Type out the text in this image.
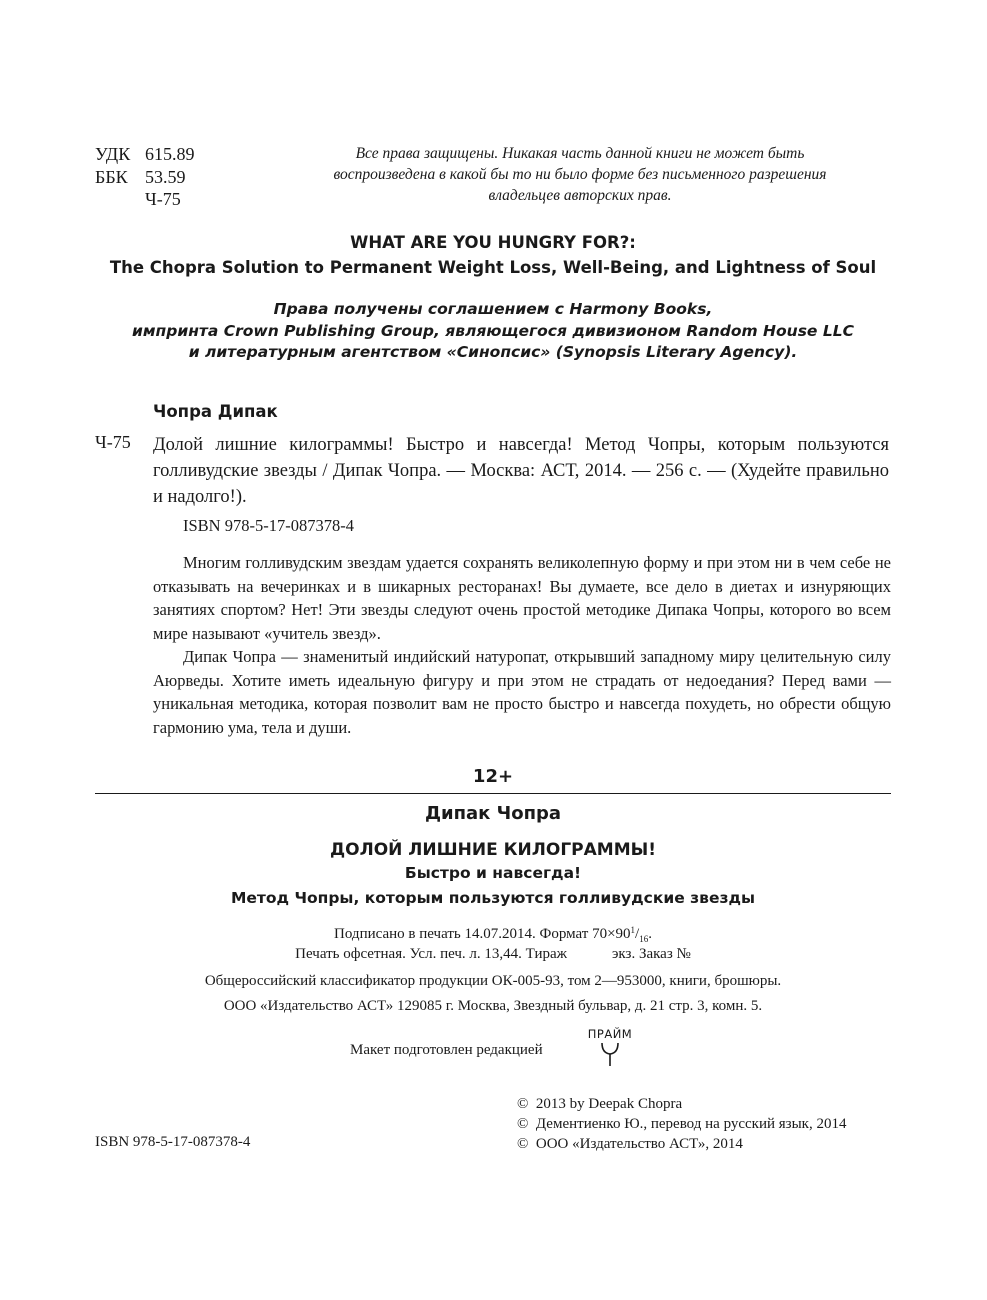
УДК 615.89
ББК 53.59
Ч-75
Все права защищены. Никакая часть данной книги не может быть
воспроизведена в какой бы то ни было форме без письменного разрешения
владельцев авторских прав.
WHAT ARE YOU HUNGRY FOR?:
The Chopra Solution to Permanent Weight Loss, Well-Being, and Lightness of Soul
Права получены соглашением с Harmony Books,
импринта Crown Publishing Group, являющегося дивизионом Random House LLC
и литературным агентством «Синопсис» (Synopsis Literary Agency).
Чопра Дипак
Ч-75 Долой лишние килограммы! Быстро и навсегда! Метод Чопры, которым пользуются голливудские звезды / Дипак Чопра. — Москва: АСТ, 2014. — 256 с. — (Худейте правильно и надолго!).
ISBN 978-5-17-087378-4

Многим голливудским звездам удается сохранять великолепную форму и при этом ни в чем себе не отказывать на вечеринках и в шикарных ресторанах! Вы думаете, все дело в диетах и изнуряющих занятиях спортом? Нет! Эти звезды следуют очень простой методике Дипака Чопры, которого во всем мире называют «учитель звезд».

Дипак Чопра — знаменитый индийский натуропат, открывший западному миру целительную силу Аюрведы. Хотите иметь идеальную фигуру и при этом не страдать от недоедания? Перед вами — уникальная методика, которая позволит вам не просто быстро и навсегда похудеть, но обрести общую гармонию ума, тела и души.

12+
Дипак Чопра
ДОЛОЙ ЛИШНИЕ КИЛОГРАММЫ!
Быстро и навсегда!
Метод Чопры, которым пользуются голливудские звезды
Подписано в печать 14.07.2014. Формат $70\times 90^1/_{16}$.
Печать офсетная. Усл. печ. л. 13,44. Тираж            экз. Заказ №
Общероссийский классификатор продукции ОК-005-93, том 2—953000, книги, брошюры.
ООО «Издательство АСТ» 129085 г. Москва, Звездный бульвар, д. 21 стр. 3, комн. 5.
Макет подготовлен редакцией
ПРАЙМ
ISBN 978-5-17-087378-4
©  2013 by Deepak Chopra
©  Дементиенко Ю., перевод на русский язык, 2014
©  ООО «Издательство АСТ», 2014
